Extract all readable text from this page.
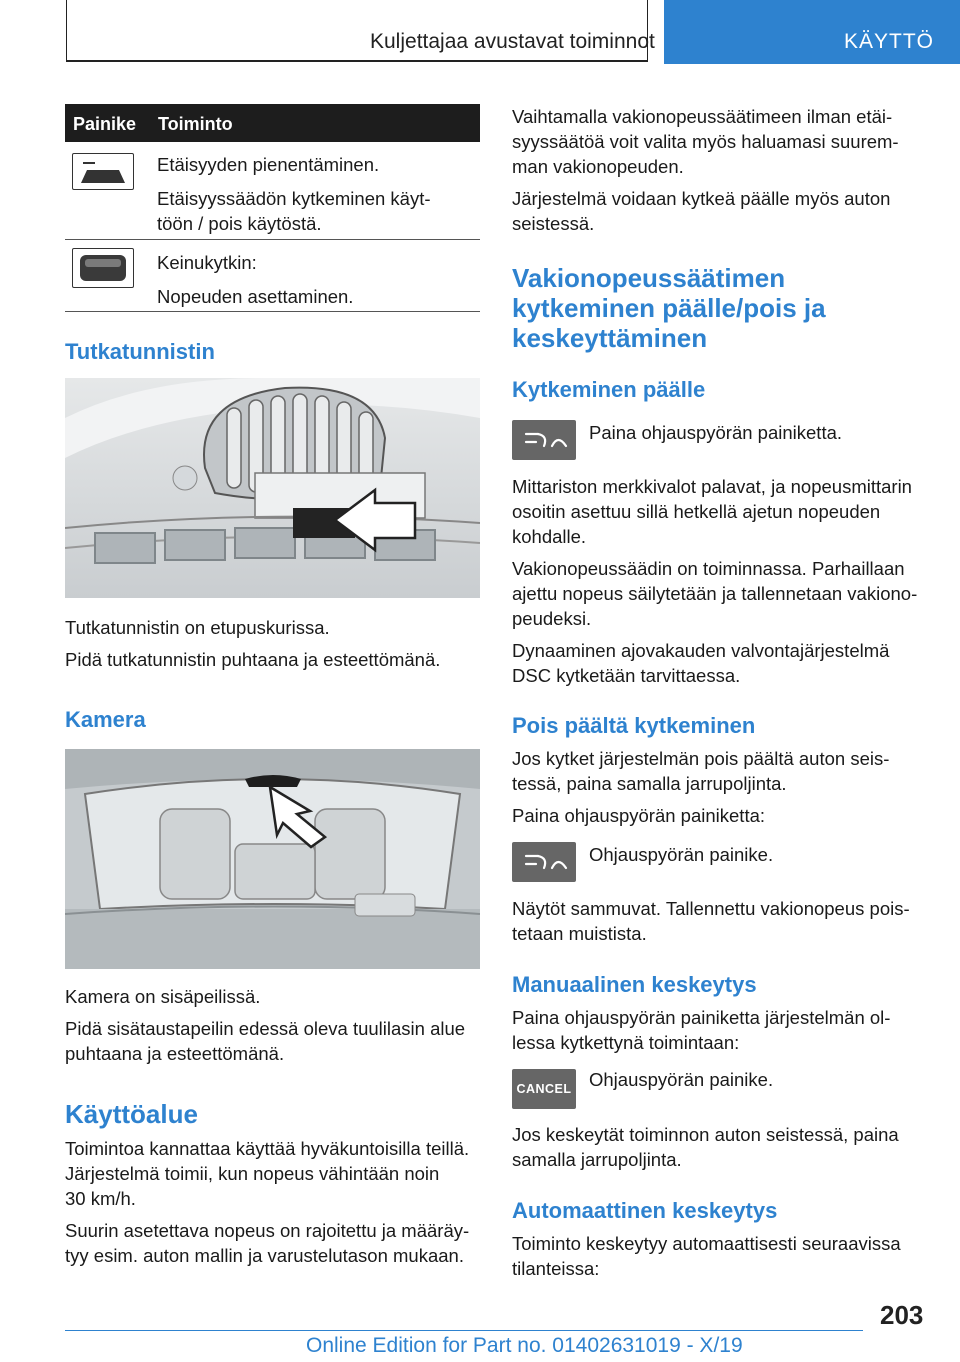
Kuljettajaa avustavat toiminnot	KÄYTTÖ
Painike Toiminto

Etäisyyden pienentäminen.

Etäisyyssäädön kytkeminen käyt-

töön / pois käytöstä.

Keinukytkin:

Nopeuden asettaminen.

Tutkatunnistin

Tutkatunnistin on etupuskurissa.

Pidä tutkatunnistin puhtaana ja esteettömänä.

Kamera

Kamera on sisäpeilissä.

Pidä sisätaustapeilin edessä oleva tuulilasin alue

puhtaana ja esteettömänä.

Käyttöalue

Toimintoa kannattaa käyttää hyväkuntoisilla teillä.

Järjestelmä toimii, kun nopeus vähintään noin

30 km/h.

Suurin asetettava nopeus on rajoitettu ja määräy-

tyy esim. auton mallin ja varustelutason mukaan.

Vaihtamalla vakionopeussäätimeen ilman etäi-

syyssäätöä voit valita myös haluamasi suurem-

man vakionopeuden.

Järjestelmä voidaan kytkeä päälle myös auton

seistessä.

Vakionopeussäätimen
kytkeminen päälle/pois ja
keskeyttäminen
Kytkeminen päälle

Paina ohjauspyörän painiketta.

Mittariston merkkivalot palavat, ja nopeusmittarin

osoitin asettuu sillä hetkellä ajetun nopeuden

kohdalle.

Vakionopeussäädin on toiminnassa. Parhaillaan

ajettu nopeus säilytetään ja tallennetaan vakiono-

peudeksi.

Dynaaminen ajovakauden valvontajärjestelmä

DSC kytketään tarvittaessa.

Pois päältä kytkeminen

Jos kytket järjestelmän pois päältä auton seis-

tessä, paina samalla jarrupoljinta.

Paina ohjauspyörän painiketta:

Ohjauspyörän painike.

Näytöt sammuvat. Tallennettu vakionopeus pois-

tetaan muistista.

Manuaalinen keskeytys

Paina ohjauspyörän painiketta järjestelmän ol-

lessa kytkettynä toimintaan:

CANCEL Ohjauspyörän painike.

Jos keskeytät toiminnon auton seistessä, paina

samalla jarrupoljinta.

Automaattinen keskeytys

Toiminto keskeytyy automaattisesti seuraavissa

tilanteissa:

203
Online Edition for Part no. 01402631019 - X/19
